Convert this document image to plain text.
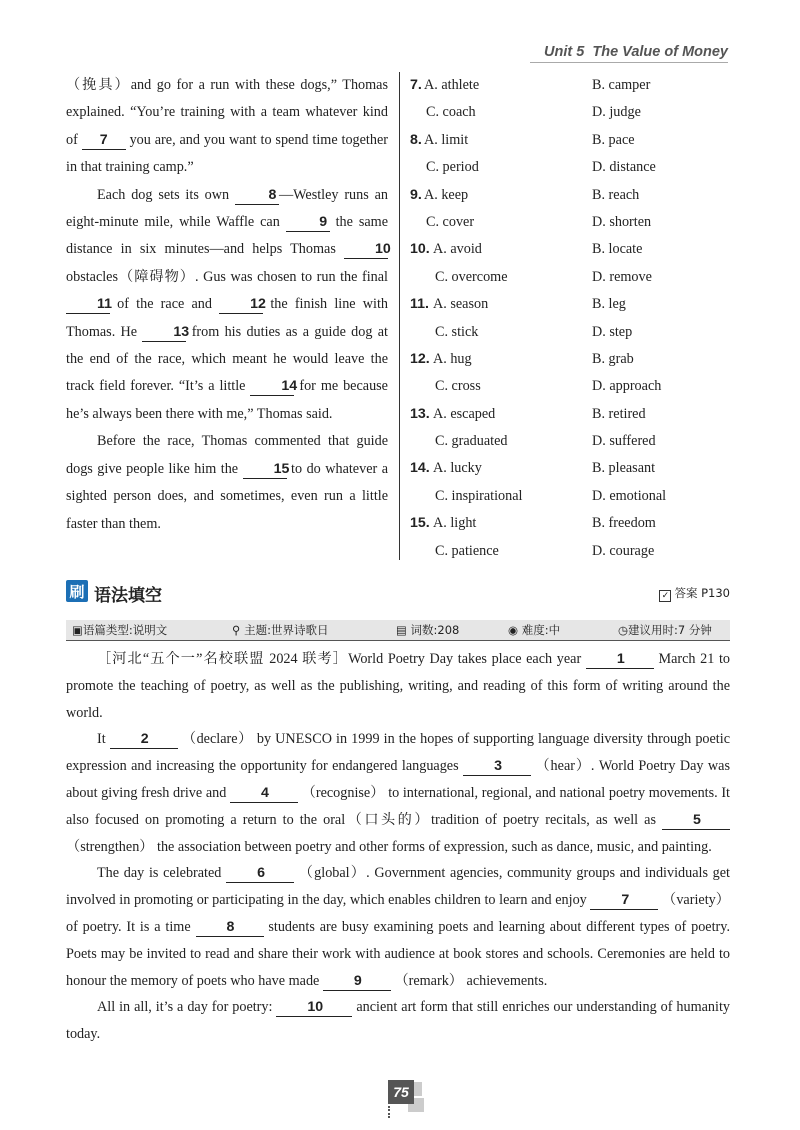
Unit 5 The Value of Money

（挽具）and go for a run with these dogs,” Thomas explained. “You’re training with a team whatever kind of 7 you are, and you want to spend time together in that training camp.”

Each dog sets its own 8 —Westley runs an eight-minute mile, while Waffle can 9 the same distance in six minutes—and helps Thomas 10 obstacles（障碍物）. Gus was chosen to run the final 11 of the race and 12 the finish line with Thomas. He 13 from his duties as a guide dog at the end of the race, which meant he would leave the track field forever. “It’s a little 14 for me because he’s always been there with me,” Thomas said.

Before the race, Thomas commented that guide dogs give people like him the 15 to do whatever a sighted person does, and sometimes, even run a little faster than them.

7. A. athlete	B. camper
C. coach	D. judge
8. A. limit	B. pace
C. period	D. distance
9. A. keep	B. reach
C. cover	D. shorten
10. A. avoid	B. locate
C. overcome	D. remove
11. A. season	B. leg
C. stick	D. step
12. A. hug	B. grab
C. cross	D. approach
13. A. escaped	B. retired
C. graduated	D. suffered
14. A. lucky	B. pleasant
C. inspirational	D. emotional
15. A. light	B. freedom
C. patience	D. courage
刷 语法填空	✓ 答案 P130
▣语篇类型:说明文	⚲ 主题:世界诗歌日	▤ 词数:208	◉ 难度:中	◷建议用时:7 分钟

［河北“五个一”名校联盟 2024 联考］World Poetry Day takes place each year 1 March 21 to promote the teaching of poetry, as well as the publishing, writing, and reading of this form of writing around the world.

It 2 （declare） by UNESCO in 1999 in the hopes of supporting language diversity through poetic expression and increasing the opportunity for endangered languages 3 （hear）. World Poetry Day was about giving fresh drive and 4 （recognise） to international, regional, and national poetry movements. It also focused on promoting a return to the oral（口头的）tradition of poetry recitals, as well as 5 （strengthen） the association between poetry and other forms of expression, such as dance, music, and painting.

The day is celebrated 6 （global）. Government agencies, community groups and individuals get involved in promoting or participating in the day, which enables children to learn and enjoy 7 （variety） of poetry. It is a time 8 students are busy examining poets and learning about different types of poetry. Poets may be invited to read and share their work with audience at book stores and schools. Ceremonies are held to honour the memory of poets who have made 9 （remark） achievements.

All in all, it’s a day for poetry: 10 ancient art form that still enriches our understanding of humanity today.

75
